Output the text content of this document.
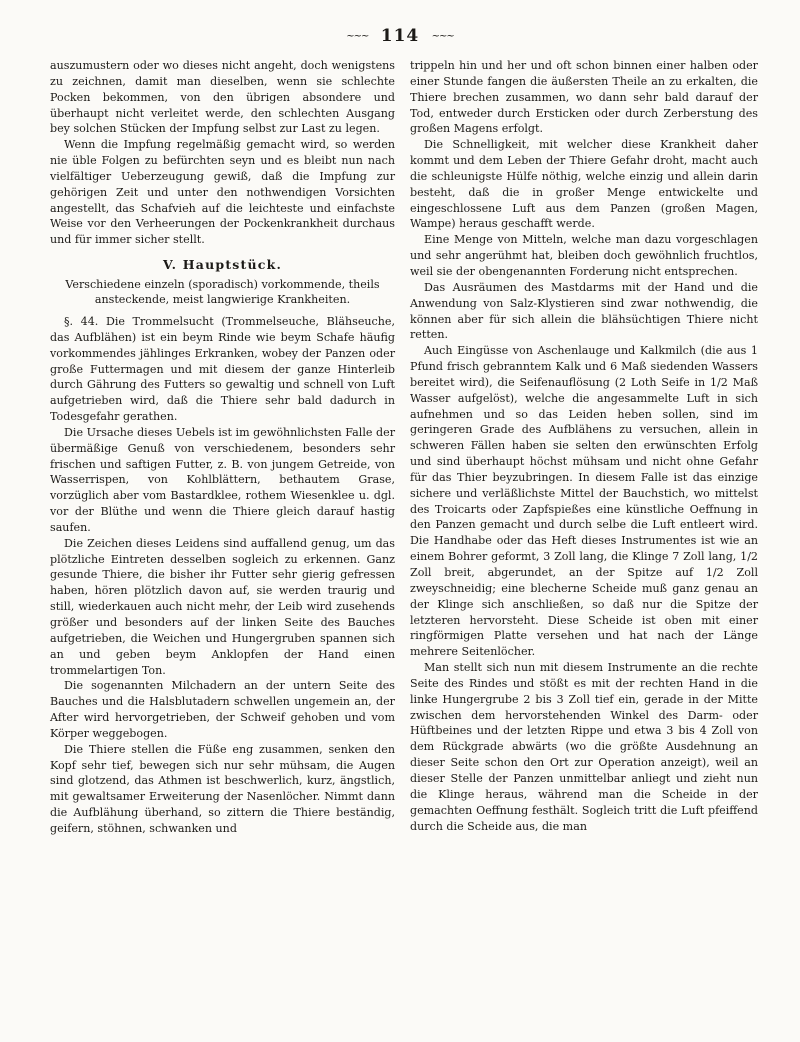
~~~ 114 ~~~

auszumustern oder wo dieses nicht angeht, doch wenigstens zu zeichnen, damit man dieselben, wenn sie schlechte Pocken bekommen, von den übrigen absondere und überhaupt nicht verleitet werde, den schlechten Ausgang bey solchen Stücken der Impfung selbst zur Last zu legen.

Wenn die Impfung regelmäßig gemacht wird, so werden nie üble Folgen zu befürchten seyn und es bleibt nun nach vielfältiger Ueberzeugung gewiß, daß die Impfung zur gehörigen Zeit und unter den nothwendigen Vorsichten angestellt, das Schafvieh auf die leichteste und einfachste Weise vor den Verheerungen der Pockenkrankheit durchaus und für immer sicher stellt.

V. Hauptstück.
Verschiedene einzeln (sporadisch) vorkommende, theils ansteckende, meist langwierige Krankheiten.

§. 44. Die Trommelsucht (Trommelseuche, Blähseuche, das Aufblähen) ist ein beym Rinde wie beym Schafe häufig vorkommendes jählinges Erkranken, wobey der Panzen oder große Futtermagen und mit diesem der ganze Hinterleib durch Gährung des Futters so gewaltig und schnell von Luft aufgetrieben wird, daß die Thiere sehr bald dadurch in Todesgefahr gerathen.

Die Ursache dieses Uebels ist im gewöhnlichsten Falle der übermäßige Genuß von verschiedenem, besonders sehr frischen und saftigen Futter, z. B. von jungem Getreide, von Wasserrispen, von Kohlblättern, bethautem Grase, vorzüglich aber vom Bastardklee, rothem Wiesenklee u. dgl. vor der Blüthe und wenn die Thiere gleich darauf hastig saufen.

Die Zeichen dieses Leidens sind auffallend genug, um das plötzliche Eintreten desselben sogleich zu erkennen. Ganz gesunde Thiere, die bisher ihr Futter sehr gierig gefressen haben, hören plötzlich davon auf, sie werden traurig und still, wiederkauen auch nicht mehr, der Leib wird zusehends größer und besonders auf der linken Seite des Bauches aufgetrieben, die Weichen und Hungergruben spannen sich an und geben beym Anklopfen der Hand einen trommelartigen Ton.

Die sogenannten Milchadern an der untern Seite des Bauches und die Halsblutadern schwellen ungemein an, der After wird hervorgetrieben, der Schweif gehoben und vom Körper weggebogen.

Die Thiere stellen die Füße eng zusammen, senken den Kopf sehr tief, bewegen sich nur sehr mühsam, die Augen sind glotzend, das Athmen ist beschwerlich, kurz, ängstlich, mit gewaltsamer Erweiterung der Nasenlöcher. Nimmt dann die Aufblähung überhand, so zittern die Thiere beständig, geifern, stöhnen, schwanken und

trippeln hin und her und oft schon binnen einer halben oder einer Stunde fangen die äußersten Theile an zu erkalten, die Thiere brechen zusammen, wo dann sehr bald darauf der Tod, entweder durch Ersticken oder durch Zerberstung des großen Magens erfolgt.

Die Schnelligkeit, mit welcher diese Krankheit daher kommt und dem Leben der Thiere Gefahr droht, macht auch die schleunigste Hülfe nöthig, welche einzig und allein darin besteht, daß die in großer Menge entwickelte und eingeschlossene Luft aus dem Panzen (großen Magen, Wampe) heraus geschafft werde.

Eine Menge von Mitteln, welche man dazu vorgeschlagen und sehr angerühmt hat, bleiben doch gewöhnlich fruchtlos, weil sie der obengenannten Forderung nicht entsprechen.

Das Ausräumen des Mastdarms mit der Hand und die Anwendung von Salz-Klystieren sind zwar nothwendig, die können aber für sich allein die blähsüchtigen Thiere nicht retten.

Auch Eingüsse von Aschenlauge und Kalkmilch (die aus 1 Pfund frisch gebranntem Kalk und 6 Maß siedenden Wassers bereitet wird), die Seifenauflösung (2 Loth Seife in 1/2 Maß Wasser aufgelöst), welche die angesammelte Luft in sich aufnehmen und so das Leiden heben sollen, sind im geringeren Grade des Aufblähens zu versuchen, allein in schweren Fällen haben sie selten den erwünschten Erfolg und sind überhaupt höchst mühsam und nicht ohne Gefahr für das Thier beyzubringen. In diesem Falle ist das einzige sichere und verläßlichste Mittel der Bauchstich, wo mittelst des Troicarts oder Zapfspießes eine künstliche Oeffnung in den Panzen gemacht und durch selbe die Luft entleert wird. Die Handhabe oder das Heft dieses Instrumentes ist wie an einem Bohrer geformt, 3 Zoll lang, die Klinge 7 Zoll lang, 1/2 Zoll breit, abgerundet, an der Spitze auf 1/2 Zoll zweyschneidig; eine blecherne Scheide muß ganz genau an der Klinge sich anschließen, so daß nur die Spitze der letzteren hervorsteht. Diese Scheide ist oben mit einer ringförmigen Platte versehen und hat nach der Länge mehrere Seitenlöcher.

Man stellt sich nun mit diesem Instrumente an die rechte Seite des Rindes und stößt es mit der rechten Hand in die linke Hungergrube 2 bis 3 Zoll tief ein, gerade in der Mitte zwischen dem hervorstehenden Winkel des Darm- oder Hüftbeines und der letzten Rippe und etwa 3 bis 4 Zoll von dem Rückgrade abwärts (wo die größte Ausdehnung an dieser Seite schon den Ort zur Operation anzeigt), weil an dieser Stelle der Panzen unmittelbar anliegt und zieht nun die Klinge heraus, während man die Scheide in der gemachten Oeffnung festhält. Sogleich tritt die Luft pfeiffend durch die Scheide aus, die man
